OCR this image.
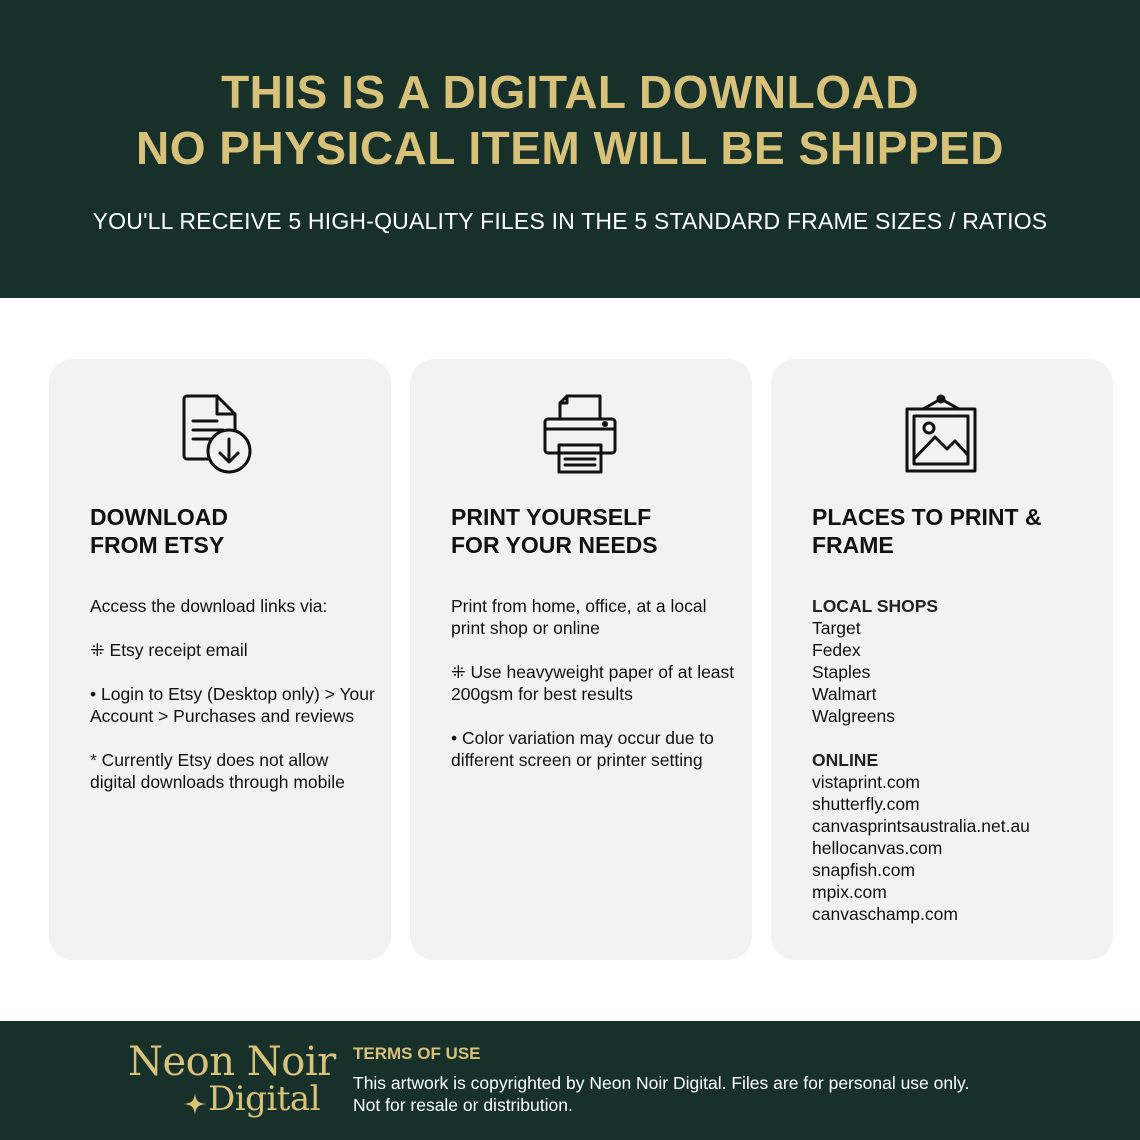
THIS IS A DIGITAL DOWNLOAD
NO PHYSICAL ITEM WILL BE SHIPPED
YOU'LL RECEIVE 5 HIGH-QUALITY FILES IN THE 5 STANDARD FRAME SIZES / RATIOS
DOWNLOAD
FROM ETSY

Access the download links via:

⁜ Etsy receipt email

• Login to Etsy (Desktop only) > Your Account > Purchases and reviews

* Currently Etsy does not allow digital downloads through mobile

PRINT YOURSELF
FOR YOUR NEEDS

Print from home, office, at a local print shop or online

⁜ Use heavyweight paper of at least 200gsm for best results

• Color variation may occur due to different screen or printer setting

PLACES TO PRINT &
FRAME
LOCAL SHOPS
Target
Fedex
Staples
Walmart
Walgreens
ONLINE
vistaprint.com
shutterfly.com
canvasprintsaustralia.net.au
hellocanvas.com
snapfish.com
mpix.com
canvaschamp.com
Neon Noir
Digital
TERMS OF USE
This artwork is copyrighted by Neon Noir Digital. Files are for personal use only.
Not for resale or distribution.
